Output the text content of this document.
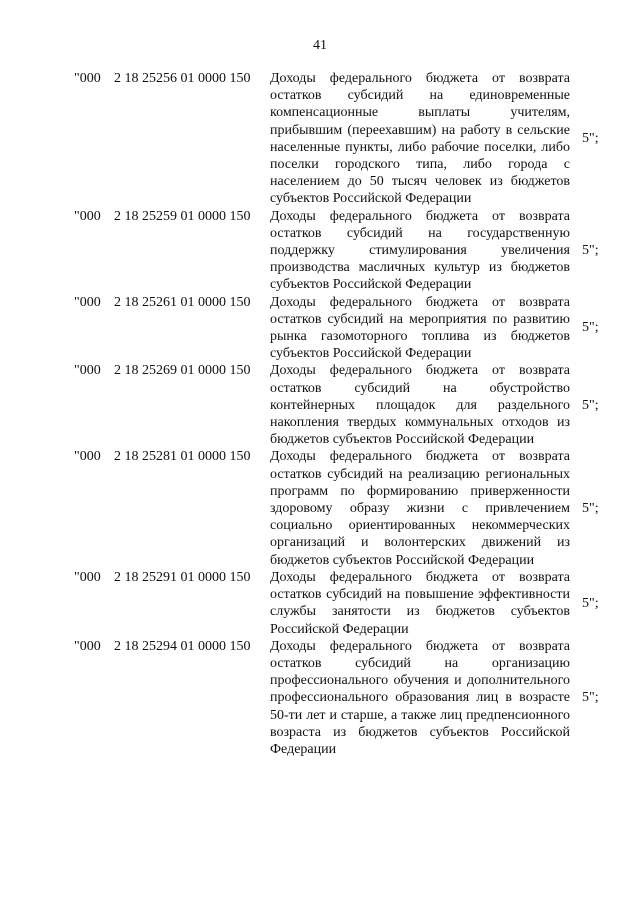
41
"000 2 18 25256 01 0000 150	Доходы федерального бюджета от возврата остатков субсидий на единовременные компенсационные выплаты учителям, прибывшим (переехавшим) на работу в сельские населенные пункты, либо рабочие поселки, либо поселки городского типа, либо города с населением до 50 тысяч человек из бюджетов субъектов Российской Федерации
5";
"000 2 18 25259 01 0000 150	Доходы федерального бюджета от возврата остатков субсидий на государственную поддержку стимулирования увеличения производства масличных культур из бюджетов субъектов Российской Федерации
5";
"000 2 18 25261 01 0000 150	Доходы федерального бюджета от возврата остатков субсидий на мероприятия по развитию рынка газомоторного топлива из бюджетов субъектов Российской Федерации
5";
"000 2 18 25269 01 0000 150	Доходы федерального бюджета от возврата остатков субсидий на обустройство контейнерных площадок для раздельного накопления твердых коммунальных отходов из бюджетов субъектов Российской Федерации
5";
"000 2 18 25281 01 0000 150	Доходы федерального бюджета от возврата остатков субсидий на реализацию региональных программ по формированию приверженности здоровому образу жизни с привлечением социально ориентированных некоммерческих организаций и волонтерских движений из бюджетов субъектов Российской Федерации
5";
"000 2 18 25291 01 0000 150	Доходы федерального бюджета от возврата остатков субсидий на повышение эффективности службы занятости из бюджетов субъектов Российской Федерации
5";
"000 2 18 25294 01 0000 150	Доходы федерального бюджета от возврата остатков субсидий на организацию профессионального обучения и дополнительного профессионального образования лиц в возрасте 50-ти лет и старше, а также лиц предпенсионного возраста из бюджетов субъектов Российской Федерации
5";
